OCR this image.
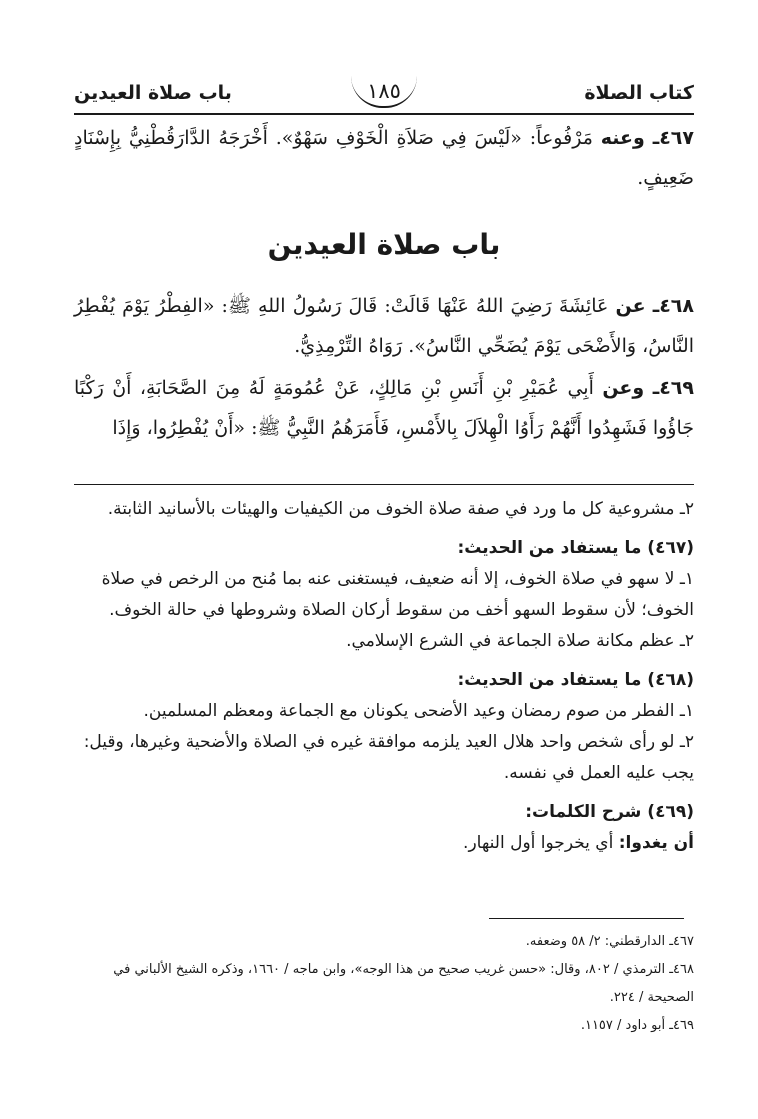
كتاب الصلاة
١٨٥
باب صلاة العيدين
٤٦٧ـ وعنه مَرْفُوعاً: «لَيْسَ فِي صَلاَةِ الْخَوْفِ سَهْوٌ». أَخْرَجَهُ الدَّارَقُطْنِيُّ بِإِسْنَادٍ ضَعِيفٍ.
باب صلاة العيدين
٤٦٨ـ عن عَائِشَةَ رَضِيَ اللهُ عَنْهَا قَالَتْ: قَالَ رَسُولُ اللهِ ﷺ: «الفِطْرُ يَوْمَ يُفْطِرُ النَّاسُ، وَالأَضْحَى يَوْمَ يُضَحِّي النَّاسُ». رَوَاهُ التِّرْمِذِيُّ.
٤٦٩ـ وعن أَبِي عُمَيْرِ بْنِ أَنَسِ بْنِ مَالِكٍ، عَنْ عُمُومَةٍ لَهُ مِنَ الصَّحَابَةِ، أَنْ رَكْبًا جَاؤُوا فَشَهِدُوا أَنَّهُمْ رَأَوُا الْهِلاَلَ بِالأَمْسِ، فَأَمَرَهُمُ النَّبِيُّ ﷺ: «أَنْ يُفْطِرُوا، وَإِذَا
٢ـ مشروعية كل ما ورد في صفة صلاة الخوف من الكيفيات والهيئات بالأسانيد الثابتة.
(٤٦٧) ما يستفاد من الحديث:
١ـ لا سهو في صلاة الخوف، إلا أنه ضعيف، فيستغنى عنه بما مُنح من الرخص في صلاة الخوف؛ لأن سقوط السهو أخف من سقوط أركان الصلاة وشروطها في حالة الخوف.
٢ـ عظم مكانة صلاة الجماعة في الشرع الإسلامي.
(٤٦٨) ما يستفاد من الحديث:
١ـ الفطر من صوم رمضان وعيد الأضحى يكونان مع الجماعة ومعظم المسلمين.
٢ـ لو رأى شخص واحد هلال العيد يلزمه موافقة غيره في الصلاة والأضحية وغيرها، وقيل: يجب عليه العمل في نفسه.
(٤٦٩) شرح الكلمات:
أن يغدوا: أي يخرجوا أول النهار.
٤٦٧ـ الدارقطني: ٢/ ٥٨ وضعفه.
٤٦٨ـ الترمذي / ٨٠٢، وقال: «حسن غريب صحيح من هذا الوجه»، وابن ماجه / ١٦٦٠، وذكره الشيخ الألباني في الصحيحة / ٢٢٤.
٤٦٩ـ أبو داود / ١١٥٧.
